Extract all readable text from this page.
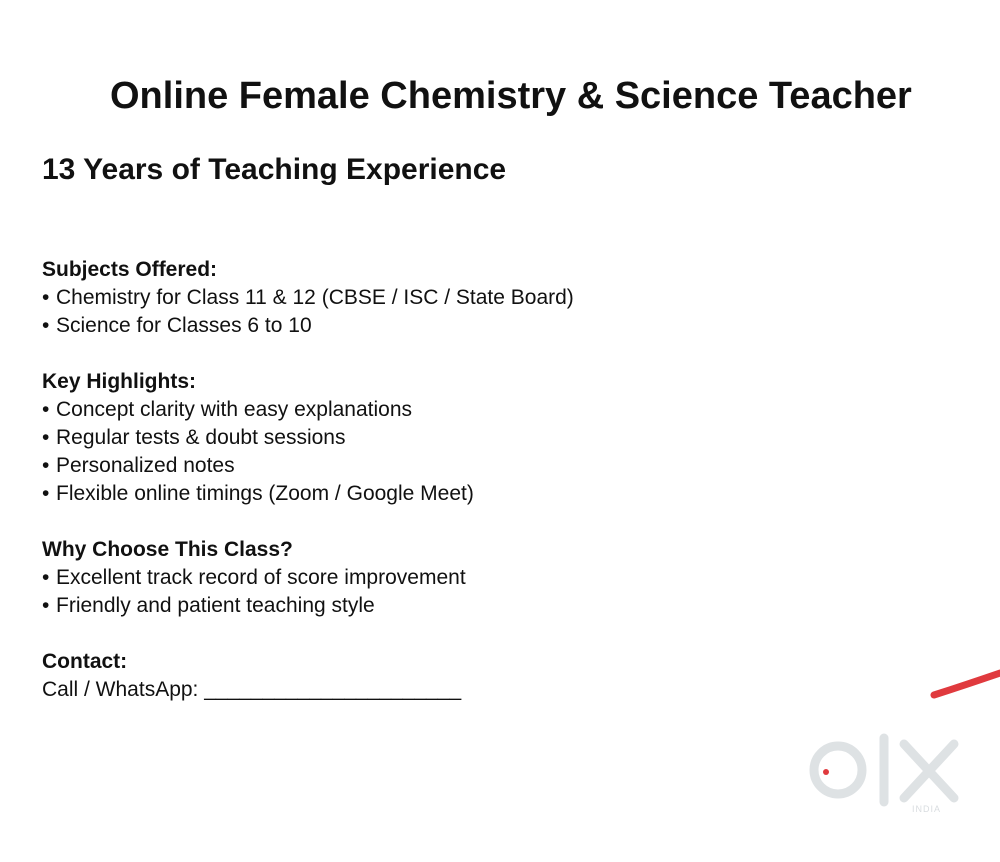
Online Female Chemistry & Science Teacher
13 Years of Teaching Experience

Subjects Offered:

• Chemistry for Class 11 & 12 (CBSE / ISC / State Board)
• Science for Classes 6 to 10

Key Highlights:

• Concept clarity with easy explanations
• Regular tests & doubt sessions
• Personalized notes
• Flexible online timings (Zoom / Google Meet)

Why Choose This Class?

• Excellent track record of score improvement
• Friendly and patient teaching style

Contact:

Call / WhatsApp: ______________________

INDIA
